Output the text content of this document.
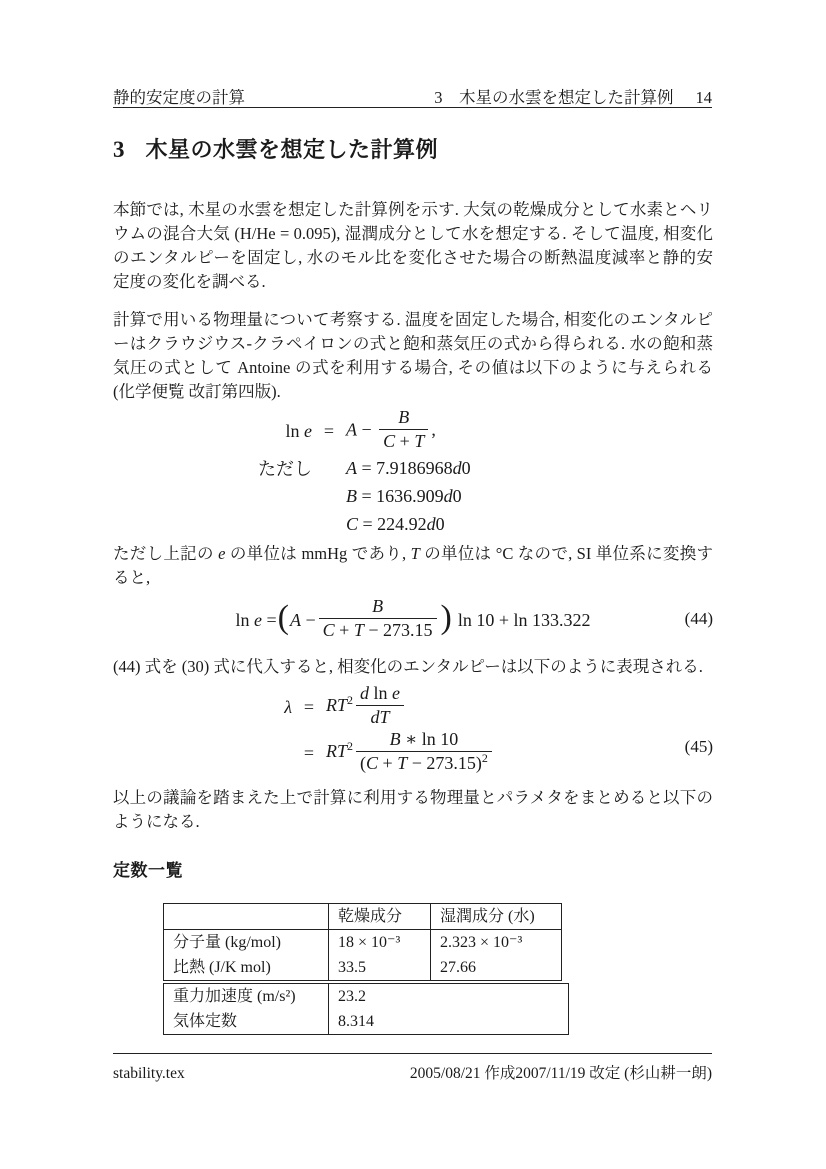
静的安定度の計算	3　木星の水雲を想定した計算例 14
3 木星の水雲を想定した計算例
本節では, 木星の水雲を想定した計算例を示す. 大気の乾燥成分として水素とヘリウムの混合大気 (H/He = 0.095), 湿潤成分として水を想定する. そして温度, 相変化のエンタルピーを固定し, 水のモル比を変化させた場合の断熱温度減率と静的安定度の変化を調べる.
計算で用いる物理量について考察する. 温度を固定した場合, 相変化のエンタルピーはクラウジウス-クラペイロンの式と飽和蒸気圧の式から得られる. 水の飽和蒸気圧の式として Antoine の式を利用する場合, その値は以下のように与えられる (化学便覧 改訂第四版).
$\ln e = A - \frac{B}{C + T}$ ,
ただし A = 7.9186968d0
B = 1636.909d0
C = 224.92d0
ただし上記の e の単位は mmHg であり, T の単位は °C なので, SI 単位系に変換すると,
ln e = ( $A - \frac{B}{C + T - 273.15}$ ) ln 10 + ln 133.322	(44)
(44) 式を (30) 式に代入すると, 相変化のエンタルピーは以下のように表現される.
$\lambda = RT^2 \frac{\text{d ln e}}{dT}$
= $RT^2 \frac{B ∗ \ln 10}{(C + T - 273.15)^2}$	(45)
以上の議論を踏まえた上で計算に利用する物理量とパラメタをまとめると以下のようになる.
定数一覧
	乾燥成分	湿潤成分 (水)
分子量 (kg/mol)	18 × 10⁻³	2.323 × 10⁻³
比熱 (J/K mol)	33.5	27.66
重力加速度 (m/s²)	23.2
気体定数	8.314
stability.tex	2005/08/21 作成2007/11/19 改定 (杉山耕一朗)
